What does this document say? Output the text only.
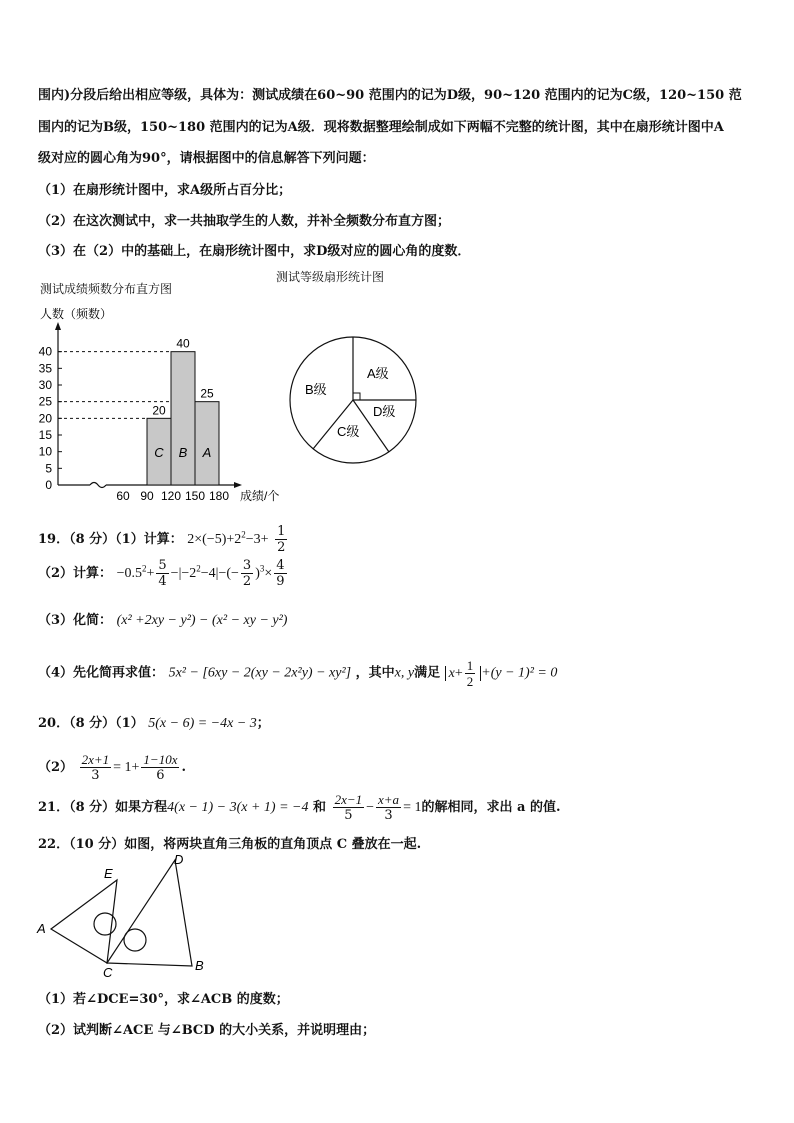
围内)分段后给出相应等级，具体为：测试成绩在60~90 范围内的记为D级，90~120 范围内的记为C级，120~150 范
围内的记为B级，150~180 范围内的记为A级．现将数据整理绘制成如下两幅不完整的统计图，其中在扇形统计图中A
级对应的圆心角为90°，请根据图中的信息解答下列问题：
（1）在扇形统计图中，求A级所占百分比；
（2）在这次测试中，求一共抽取学生的人数，并补全频数分布直方图；
（3）在（2）中的基础上，在扇形统计图中，求D级对应的圆心角的度数．
测试成绩频数分布直方图
测试等级扇形统计图
人数（频数）
成绩/个
0
5
10
15
20
25
30
35
40
60 90 120 150 180
20
C
40
B
25
A
A级
B级
C级
D级
19．（8 分）（1）计算： $2\times(-5)+2^2-3+ \frac{1}{2}$
（2）计算： $-0.5^2+ \frac{5}{4} -|-2^2-4|-(- \frac{3}{2} )^3\times \frac{4}{9}$
（3）化简： (x² +2xy − y²) − (x² − xy − y²)
（4）先化简再求值： 5x² − [6xy − 2(xy − 2x²y) − xy²] ，其中x, y满足 $x+ \frac{1}{2} +(y - 1)^2 = 0$
20．（8 分）（1） 5(x − 6) = −4x − 3；
$(2) \frac{2x+1}{3} = 1+ \frac{1-10x}{6}$ .
21．（8 分）如果方程4(x − 1) − 3(x + 1) = −4 和 $\frac{2x-1}{5} - \frac{x+a}{3} = 1$的解相同，求出 a 的值.
22．（10 分）如图，将两块直角三角板的直角顶点 C 叠放在一起.
A
B
C
D
E
（1）若∠DCE=30°，求∠ACB 的度数；
（2）试判断∠ACE 与∠BCD 的大小关系，并说明理由；
